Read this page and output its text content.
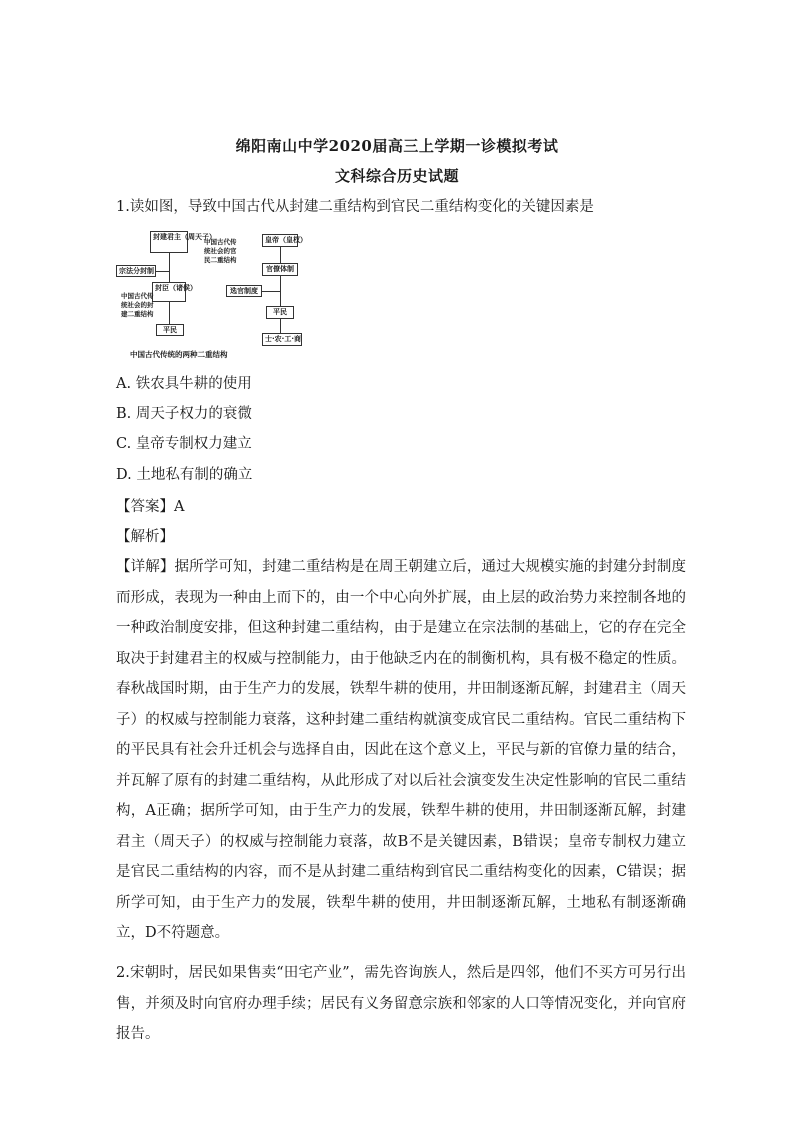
绵阳南山中学2020届高三上学期一诊模拟考试
文科综合历史试题
1.读如图，导致中国古代从封建二重结构到官民二重结构变化的关键因素是
封建君主（周天子）
宗法分封制
封臣（诸侯）
中国古代传
统社会的封
建二重结构
平民
中国古代传
统社会的官
民二重结构
皇帝（皇权）
官僚体制
选官制度
平民
士·农·工·商
中国古代传统的两种二重结构
A. 铁农具牛耕的使用
B. 周天子权力的衰微
C. 皇帝专制权力建立
D. 土地私有制的确立
【答案】A
【解析】
【详解】据所学可知，封建二重结构是在周王朝建立后，通过大规模实施的封建分封制度而形成，表现为一种由上而下的，由一个中心向外扩展，由上层的政治势力来控制各地的一种政治制度安排，但这种封建二重结构，由于是建立在宗法制的基础上，它的存在完全取决于封建君主的权威与控制能力，由于他缺乏内在的制衡机构，具有极不稳定的性质。春秋战国时期，由于生产力的发展，铁犁牛耕的使用，井田制逐渐瓦解，封建君主（周天子）的权威与控制能力衰落，这种封建二重结构就演变成官民二重结构。官民二重结构下的平民具有社会升迁机会与选择自由，因此在这个意义上，平民与新的官僚力量的结合，并瓦解了原有的封建二重结构，从此形成了对以后社会演变发生决定性影响的官民二重结构，A正确；据所学可知，由于生产力的发展，铁犁牛耕的使用，井田制逐渐瓦解，封建君主（周天子）的权威与控制能力衰落，故B不是关键因素，B错误；皇帝专制权力建立是官民二重结构的内容，而不是从封建二重结构到官民二重结构变化的因素，C错误；据所学可知，由于生产力的发展，铁犁牛耕的使用，井田制逐渐瓦解，土地私有制逐渐确立，D不符题意。
2.宋朝时，居民如果售卖“田宅产业”，需先咨询族人，然后是四邻，他们不买方可另行出售，并须及时向官府办理手续；居民有义务留意宗族和邻家的人口等情况变化，并向官府报告。
